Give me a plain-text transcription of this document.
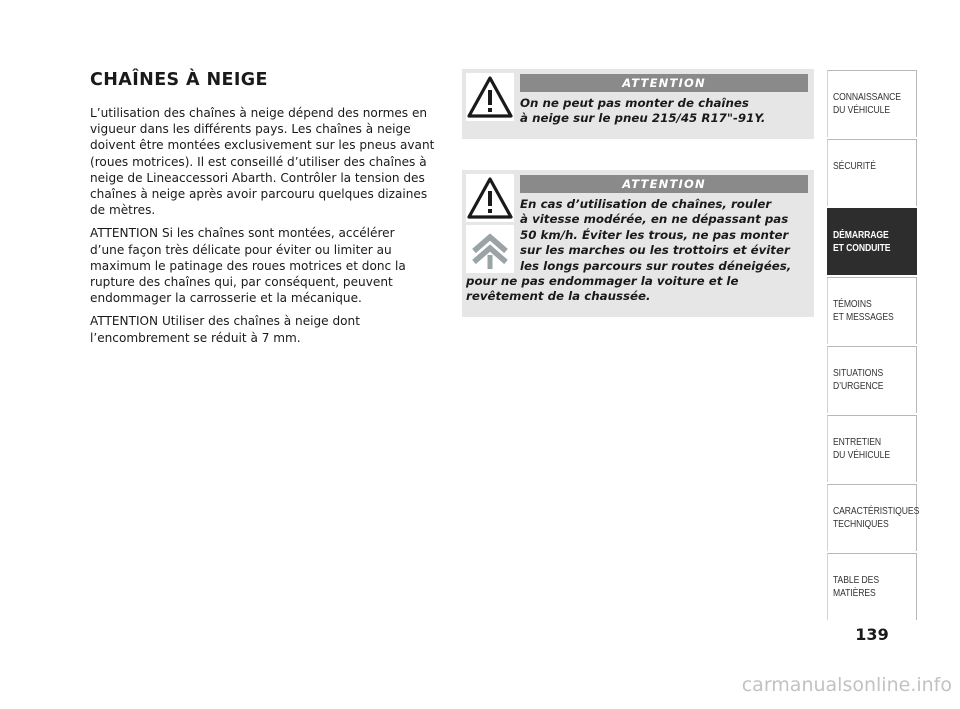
CHAÎNES À NEIGE

L’utilisation des chaînes à neige dépend des normes en
vigueur dans les différents pays. Les chaînes à neige
doivent être montées exclusivement sur les pneus avant
(roues motrices). Il est conseillé d’utiliser des chaînes à
neige de Lineaccessori Abarth. Contrôler la tension des
chaînes à neige après avoir parcouru quelques dizaines
de mètres.

ATTENTION Si les chaînes sont montées, accélérer
d’une façon très délicate pour éviter ou limiter au
maximum le patinage des roues motrices et donc la
rupture des chaînes qui, par conséquent, peuvent
endommager la carrosserie et la mécanique.

ATTENTION Utiliser des chaînes à neige dont
l’encombrement se réduit à 7 mm.

ATTENTION
On ne peut pas monter de chaînes
à neige sur le pneu 215/45 R17"-91Y.
ATTENTION
En cas d’utilisation de chaînes, rouler
à vitesse modérée, en ne dépassant pas
50 km/h. Éviter les trous, ne pas monter
sur les marches ou les trottoirs et éviter
les longs parcours sur routes déneigées,
pour ne pas endommager la voiture et le
revêtement de la chaussée.
CONNAISSANCE
DU VÉHICULE
SÉCURITÉ
DÉMARRAGE
ET CONDUITE
TÉMOINS
ET MESSAGES
SITUATIONS
D’URGENCE
ENTRETIEN
DU VÉHICULE
CARACTÉRISTIQUES
TECHNIQUES
TABLE DES
MATIÈRES
139
carmanualsonline.info
